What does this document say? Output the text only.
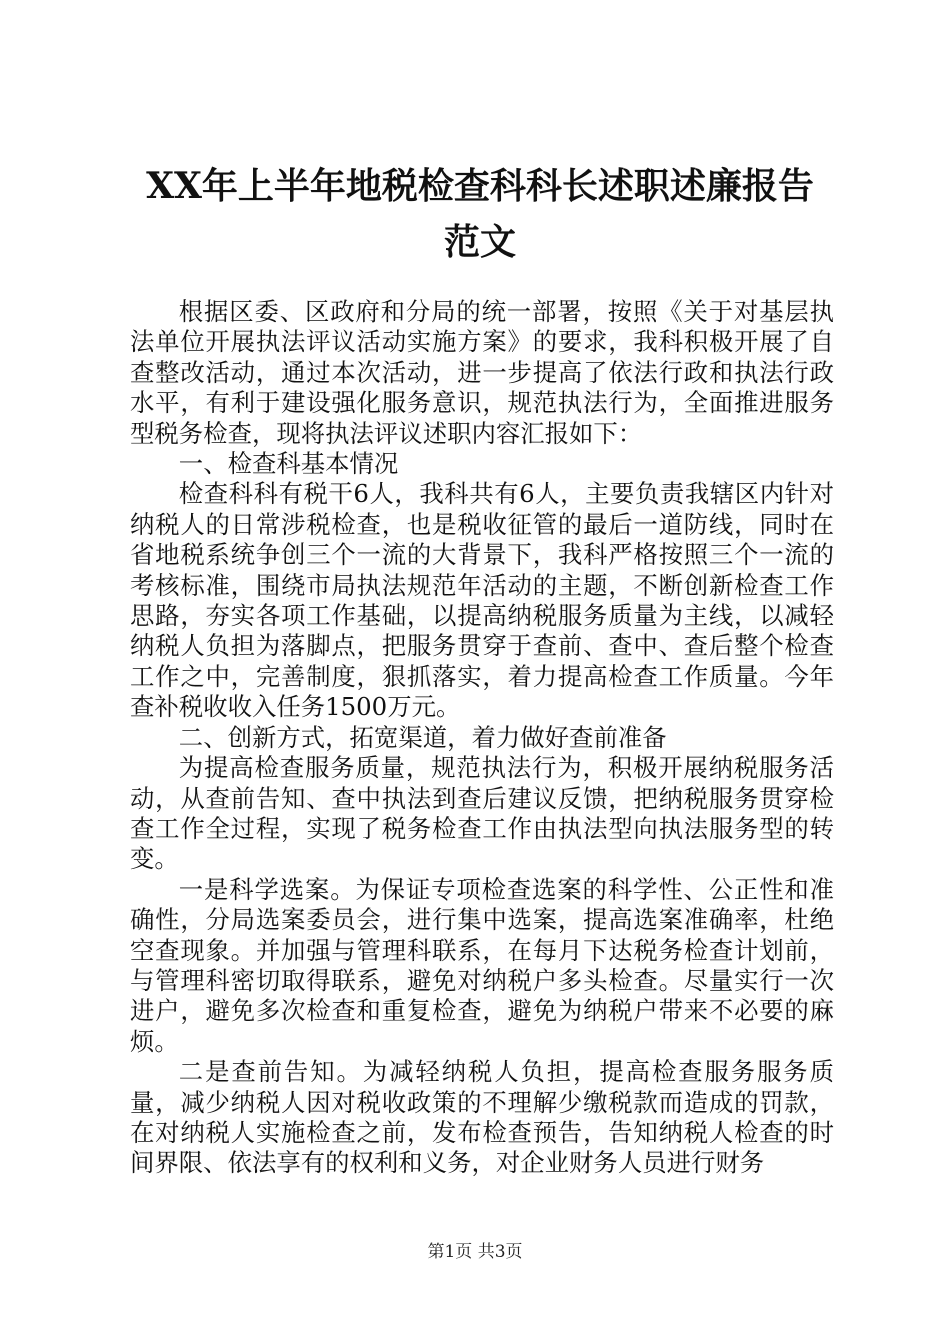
XX年上半年地税检查科科长述职述廉报告范文

根据区委、区政府和分局的统一部署，按照《关于对基层执法单位开展执法评议活动实施方案》的要求，我科积极开展了自查整改活动，通过本次活动，进一步提高了依法行政和执法行政水平，有利于建设强化服务意识，规范执法行为，全面推进服务型税务检查，现将执法评议述职内容汇报如下：

一、检查科基本情况

检查科科有税干6人，我科共有6人，主要负责我辖区内针对纳税人的日常涉税检查，也是税收征管的最后一道防线，同时在省地税系统争创三个一流的大背景下，我科严格按照三个一流的考核标准，围绕市局执法规范年活动的主题，不断创新检查工作思路，夯实各项工作基础，以提高纳税服务质量为主线，以减轻纳税人负担为落脚点，把服务贯穿于查前、查中、查后整个检查工作之中，完善制度，狠抓落实，着力提高检查工作质量。今年查补税收收入任务1500万元。

二、创新方式，拓宽渠道，着力做好查前准备

为提高检查服务质量，规范执法行为，积极开展纳税服务活动，从查前告知、查中执法到查后建议反馈，把纳税服务贯穿检查工作全过程，实现了税务检查工作由执法型向执法服务型的转变。

一是科学选案。为保证专项检查选案的科学性、公正性和准确性，分局选案委员会，进行集中选案，提高选案准确率，杜绝空查现象。并加强与管理科联系，在每月下达税务检查计划前，与管理科密切取得联系，避免对纳税户多头检查。尽量实行一次进户，避免多次检查和重复检查，避免为纳税户带来不必要的麻烦。

二是查前告知。为减轻纳税人负担，提高检查服务服务质量，减少纳税人因对税收政策的不理解少缴税款而造成的罚款，在对纳税人实施检查之前，发布检查预告，告知纳税人检查的时间界限、依法享有的权利和义务，对企业财务人员进行财务

第1页 共3页
